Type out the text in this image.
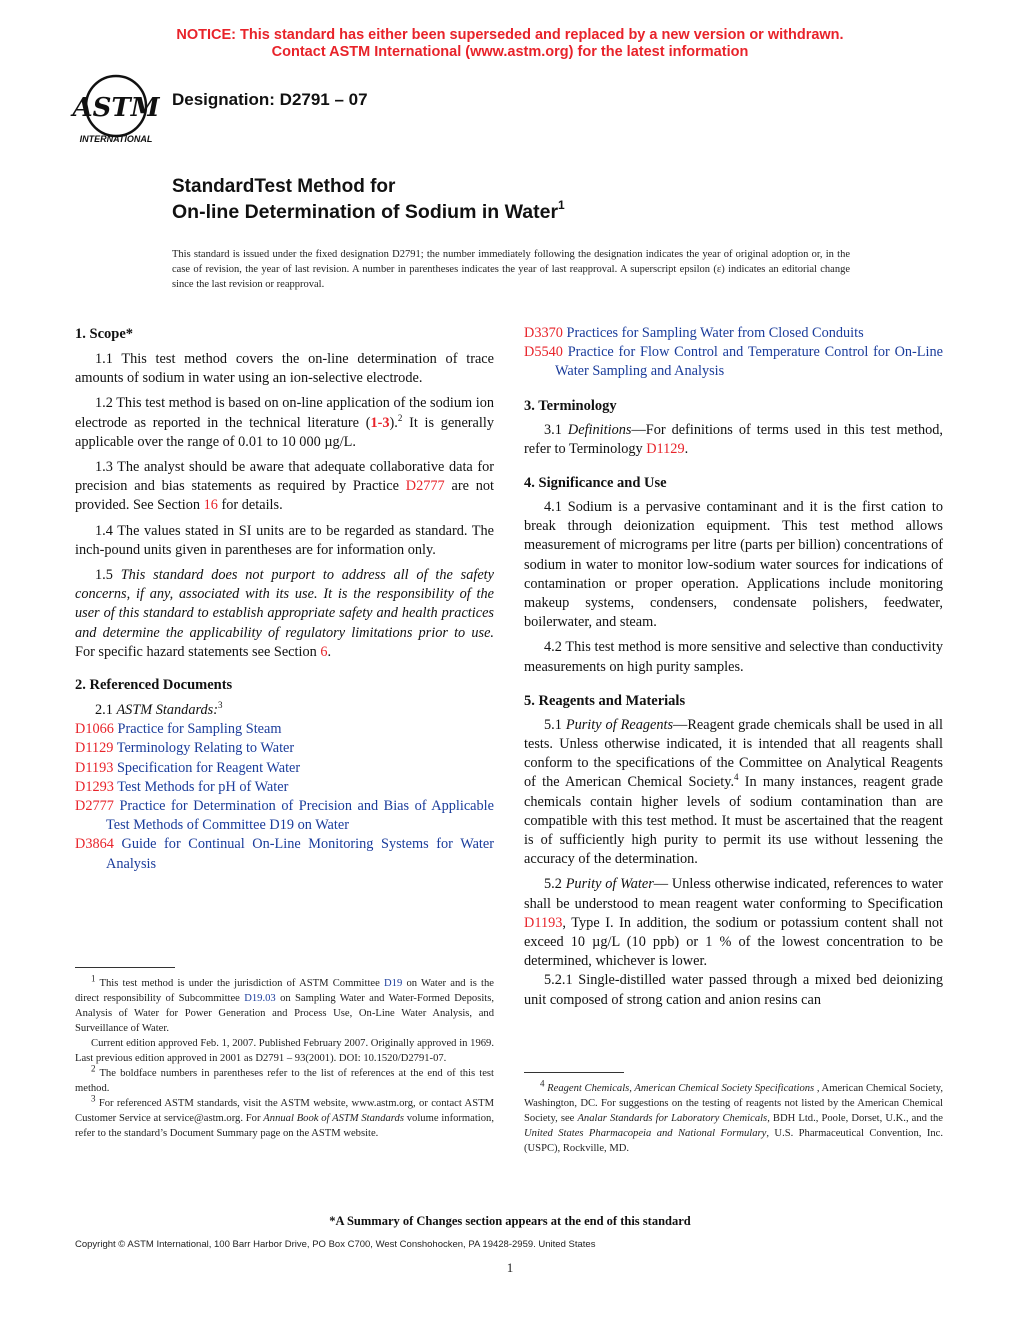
NOTICE: This standard has either been superseded and replaced by a new version or withdrawn.
Contact ASTM International (www.astm.org) for the latest information
ASTM
INTERNATIONAL
Designation: D2791 – 07
StandardTest Method for
On-line Determination of Sodium in Water$^1$
This standard is issued under the fixed designation D2791; the number immediately following the designation indicates the year of original adoption or, in the case of revision, the year of last revision. A number in parentheses indicates the year of last reapproval. A superscript epsilon (ε) indicates an editorial change since the last revision or reapproval.
1. Scope*

1.1 This test method covers the on-line determination of trace amounts of sodium in water using an ion-selective electrode.

1.2 This test method is based on on-line application of the sodium ion electrode as reported in the technical literature (1-3).$^2$ It is generally applicable over the range of 0.01 to 10 000 µg/L.

1.3 The analyst should be aware that adequate collaborative data for precision and bias statements as required by Practice D2777 are not provided. See Section 16 for details.

1.4 The values stated in SI units are to be regarded as standard. The inch-pound units given in parentheses are for information only.

1.5 This standard does not purport to address all of the safety concerns, if any, associated with its use. It is the responsibility of the user of this standard to establish appropriate safety and health practices and determine the applicability of regulatory limitations prior to use. For specific hazard statements see Section 6.

2. Referenced Documents

2.1 ASTM Standards:$^3$

D1066 Practice for Sampling Steam

D1129 Terminology Relating to Water

D1193 Specification for Reagent Water

D1293 Test Methods for pH of Water

D2777 Practice for Determination of Precision and Bias of Applicable Test Methods of Committee D19 on Water

D3864 Guide for Continual On-Line Monitoring Systems for Water Analysis

$^1$ This test method is under the jurisdiction of ASTM Committee D19 on Water and is the direct responsibility of Subcommittee D19.03 on Sampling Water and Water-Formed Deposits, Analysis of Water for Power Generation and Process Use, On-Line Water Analysis, and Surveillance of Water.

Current edition approved Feb. 1, 2007. Published February 2007. Originally approved in 1969. Last previous edition approved in 2001 as D2791 – 93(2001). DOI: 10.1520/D2791-07.

$^2$ The boldface numbers in parentheses refer to the list of references at the end of this test method.

$^3$ For referenced ASTM standards, visit the ASTM website, www.astm.org, or contact ASTM Customer Service at service@astm.org. For Annual Book of ASTM Standards volume information, refer to the standard’s Document Summary page on the ASTM website.

D3370 Practices for Sampling Water from Closed Conduits

D5540 Practice for Flow Control and Temperature Control for On-Line Water Sampling and Analysis

3. Terminology

3.1 Definitions—For definitions of terms used in this test method, refer to Terminology D1129.

4. Significance and Use

4.1 Sodium is a pervasive contaminant and it is the first cation to break through deionization equipment. This test method allows measurement of micrograms per litre (parts per billion) concentrations of sodium in water to monitor low-sodium water sources for indications of contamination or proper operation. Applications include monitoring makeup systems, condensers, condensate polishers, feedwater, boilerwater, and steam.

4.2 This test method is more sensitive and selective than conductivity measurements on high purity samples.

5. Reagents and Materials

5.1 Purity of Reagents—Reagent grade chemicals shall be used in all tests. Unless otherwise indicated, it is intended that all reagents shall conform to the specifications of the Committee on Analytical Reagents of the American Chemical Society.$^4$ In many instances, reagent grade chemicals contain higher levels of sodium contamination than are compatible with this test method. It must be ascertained that the reagent is of sufficiently high purity to permit its use without lessening the accuracy of the determination.

5.2 Purity of Water— Unless otherwise indicated, references to water shall be understood to mean reagent water conforming to Specification D1193, Type I. In addition, the sodium or potassium content shall not exceed 10 µg/L (10 ppb) or 1 % of the lowest concentration to be determined, whichever is lower.

5.2.1 Single-distilled water passed through a mixed bed deionizing unit composed of strong cation and anion resins can

$^4$ Reagent Chemicals, American Chemical Society Specifications , American Chemical Society, Washington, DC. For suggestions on the testing of reagents not listed by the American Chemical Society, see Analar Standards for Laboratory Chemicals, BDH Ltd., Poole, Dorset, U.K., and the United States Pharmacopeia and National Formulary, U.S. Pharmaceutical Convention, Inc. (USPC), Rockville, MD.

*A Summary of Changes section appears at the end of this standard
Copyright © ASTM International, 100 Barr Harbor Drive, PO Box C700, West Conshohocken, PA 19428-2959. United States
1
